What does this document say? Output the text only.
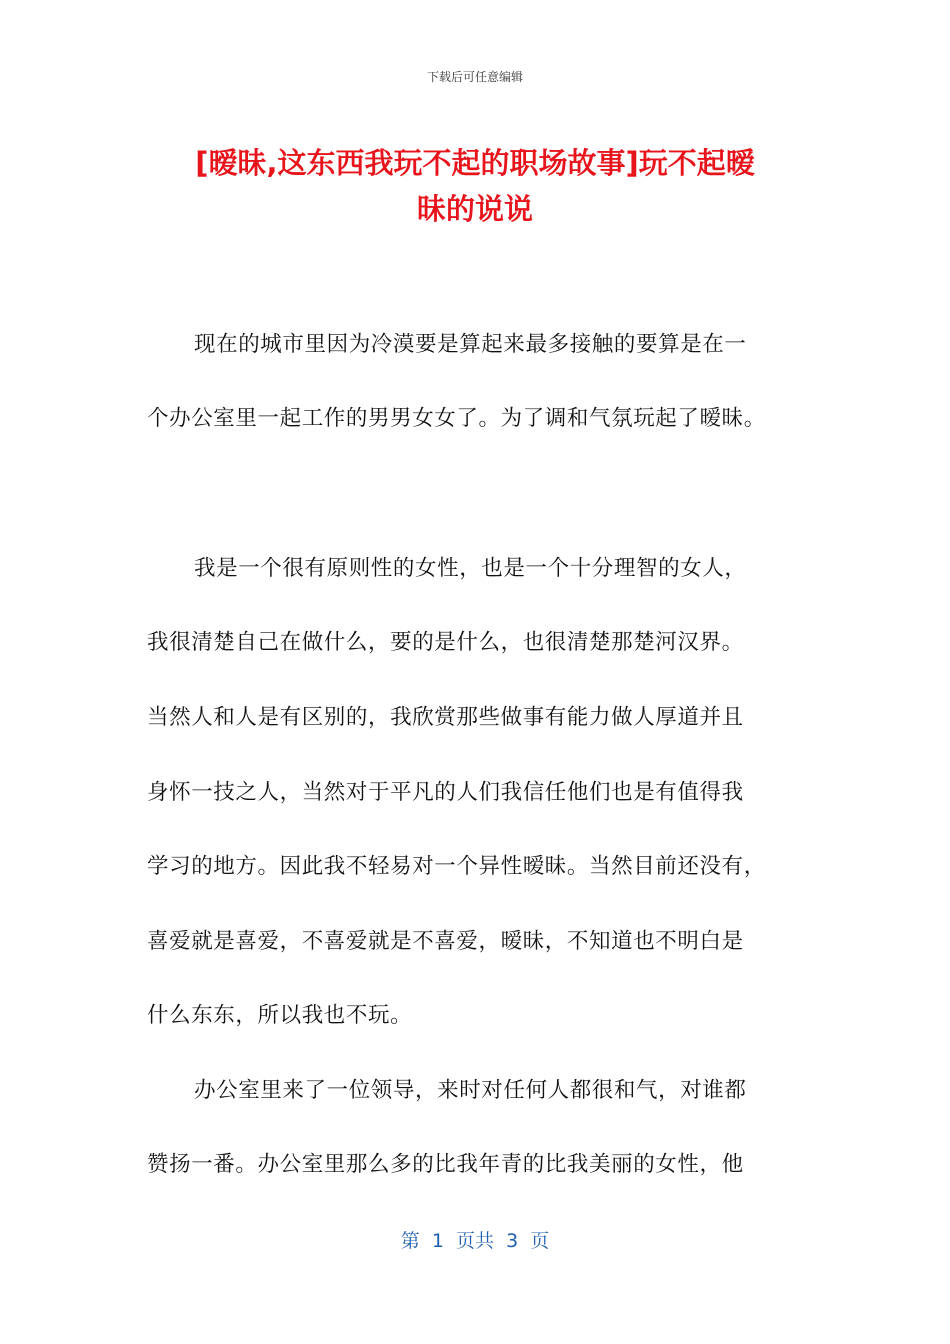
下载后可任意编辑
[暧昧,这东西我玩不起的职场故事]玩不起暧
昧的说说
现在的城市里因为冷漠要是算起来最多接触的要算是在一
个办公室里一起工作的男男女女了。为了调和气氛玩起了暧昧。
我是一个很有原则性的女性，也是一个十分理智的女人，
我很清楚自己在做什么，要的是什么，也很清楚那楚河汉界。
当然人和人是有区别的，我欣赏那些做事有能力做人厚道并且
身怀一技之人，当然对于平凡的人们我信任他们也是有值得我
学习的地方。因此我不轻易对一个异性暧昧。当然目前还没有，
喜爱就是喜爱，不喜爱就是不喜爱，暧昧，不知道也不明白是
什么东东，所以我也不玩。
办公室里来了一位领导，来时对任何人都很和气，对谁都
赞扬一番。办公室里那么多的比我年青的比我美丽的女性，他
第  1  页共  3  页
